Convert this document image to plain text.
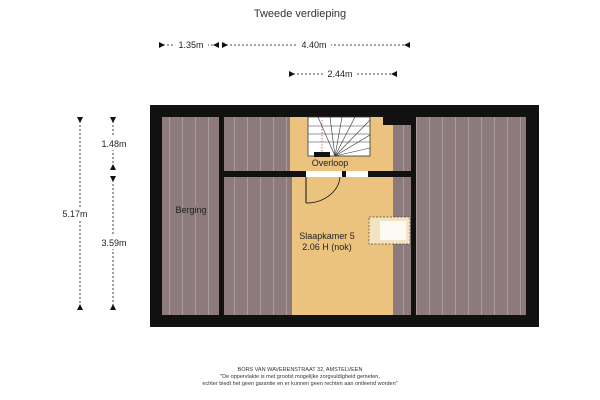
Tweede verdieping
1.35m	4.40m
2.44m
5.17m
1.48m
3.59m
Berging
Overloop
Slaapkamer 5
2.06 H (nok)
BORS VAN WAVERENSTRAAT 32, AMSTELVEEN
"De oppervlakte is met grootst mogelijke zorgvuldigheid gemeten,
echter biedt het geen garantie en er kunnen geen rechten aan ontleend worden"
